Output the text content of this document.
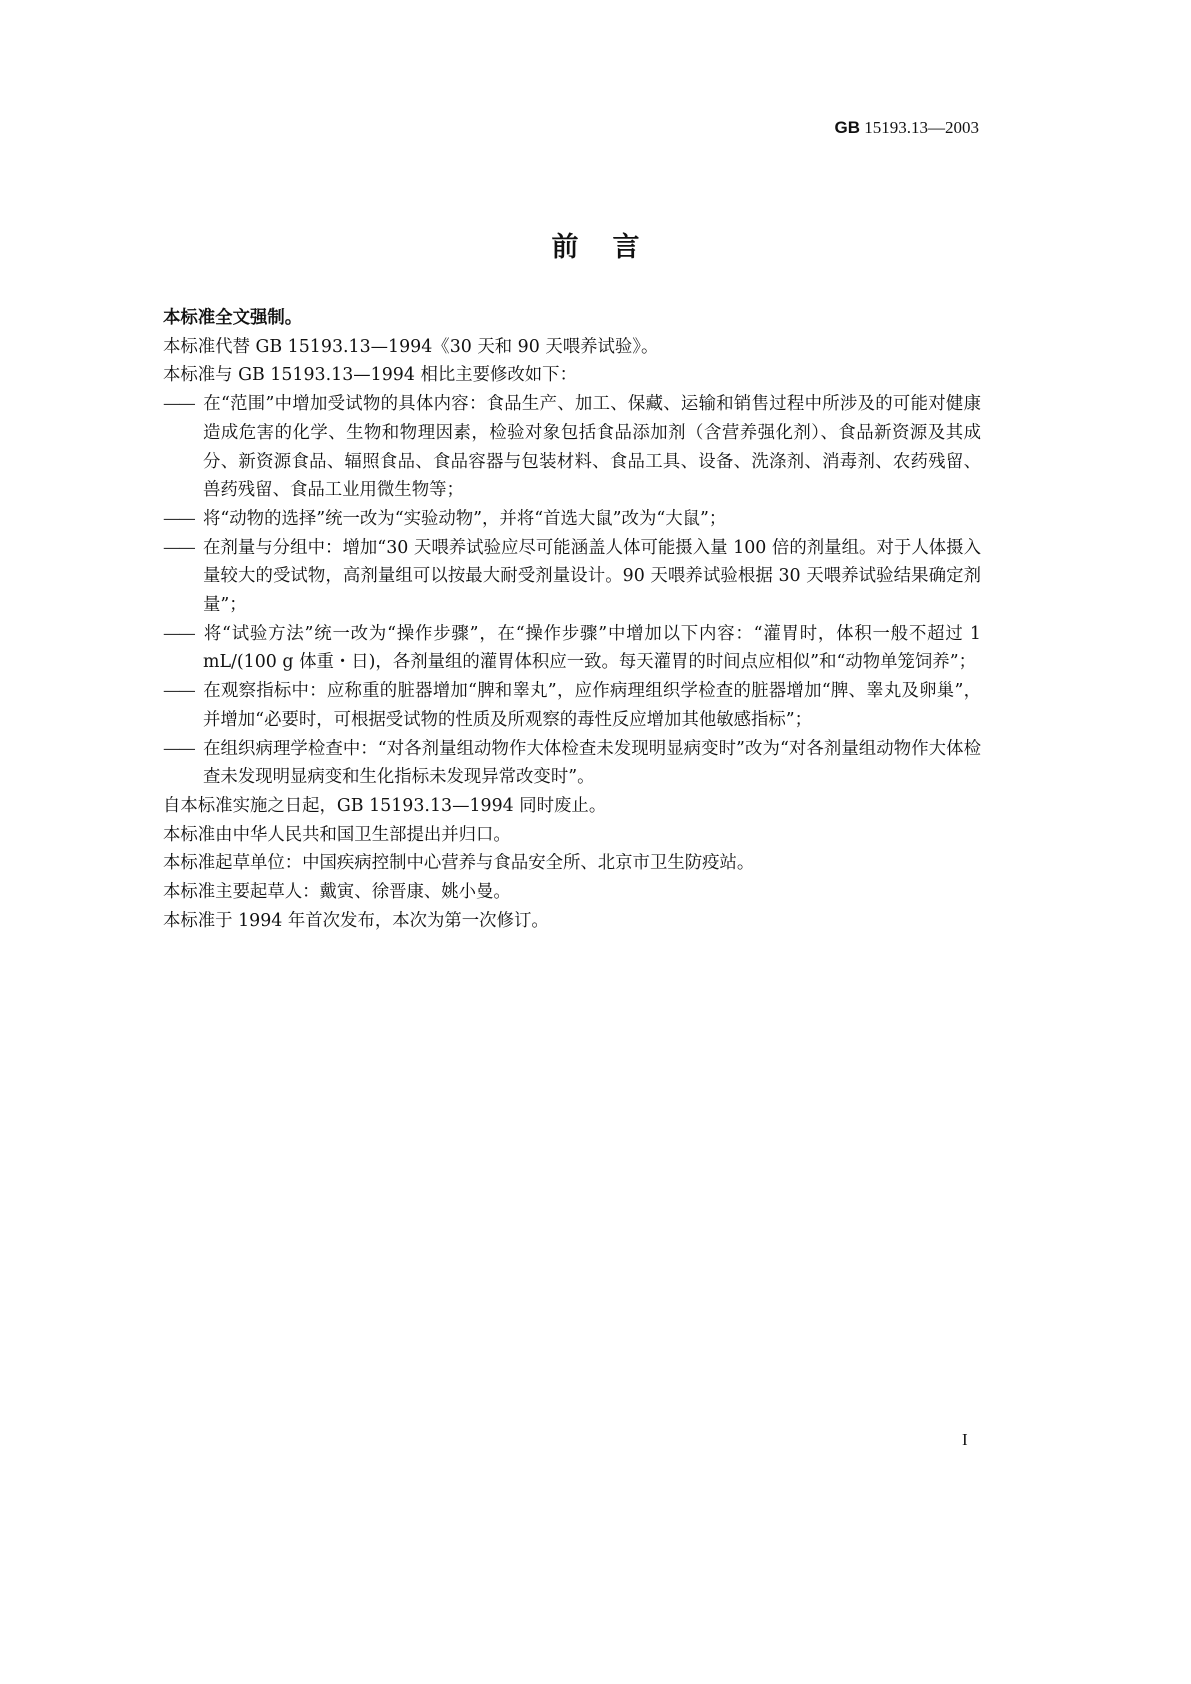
GB 15193.13—2003
前言

本标准全文强制。

本标准代替 GB 15193.13—1994《30 天和 90 天喂养试验》。

本标准与 GB 15193.13—1994 相比主要修改如下：

—— 在“范围”中增加受试物的具体内容：食品生产、加工、保藏、运输和销售过程中所涉及的可能对健康造成危害的化学、生物和物理因素，检验对象包括食品添加剂（含营养强化剂）、食品新资源及其成分、新资源食品、辐照食品、食品容器与包装材料、食品工具、设备、洗涤剂、消毒剂、农药残留、兽药残留、食品工业用微生物等；

—— 将“动物的选择”统一改为“实验动物”，并将“首选大鼠”改为“大鼠”；

—— 在剂量与分组中：增加“30 天喂养试验应尽可能涵盖人体可能摄入量 100 倍的剂量组。对于人体摄入量较大的受试物，高剂量组可以按最大耐受剂量设计。90 天喂养试验根据 30 天喂养试验结果确定剂量”；

—— 将“试验方法”统一改为“操作步骤”，在“操作步骤”中增加以下内容：“灌胃时，体积一般不超过 1 mL/(100 g 体重・日)，各剂量组的灌胃体积应一致。每天灌胃的时间点应相似”和“动物单笼饲养”；

—— 在观察指标中：应称重的脏器增加“脾和睾丸”，应作病理组织学检查的脏器增加“脾、睾丸及卵巢”，并增加“必要时，可根据受试物的性质及所观察的毒性反应增加其他敏感指标”；

—— 在组织病理学检查中：“对各剂量组动物作大体检查未发现明显病变时”改为“对各剂量组动物作大体检查未发现明显病变和生化指标未发现异常改变时”。

自本标准实施之日起，GB 15193.13—1994 同时废止。

本标准由中华人民共和国卫生部提出并归口。

本标准起草单位：中国疾病控制中心营养与食品安全所、北京市卫生防疫站。

本标准主要起草人：戴寅、徐晋康、姚小曼。

本标准于 1994 年首次发布，本次为第一次修订。

I
